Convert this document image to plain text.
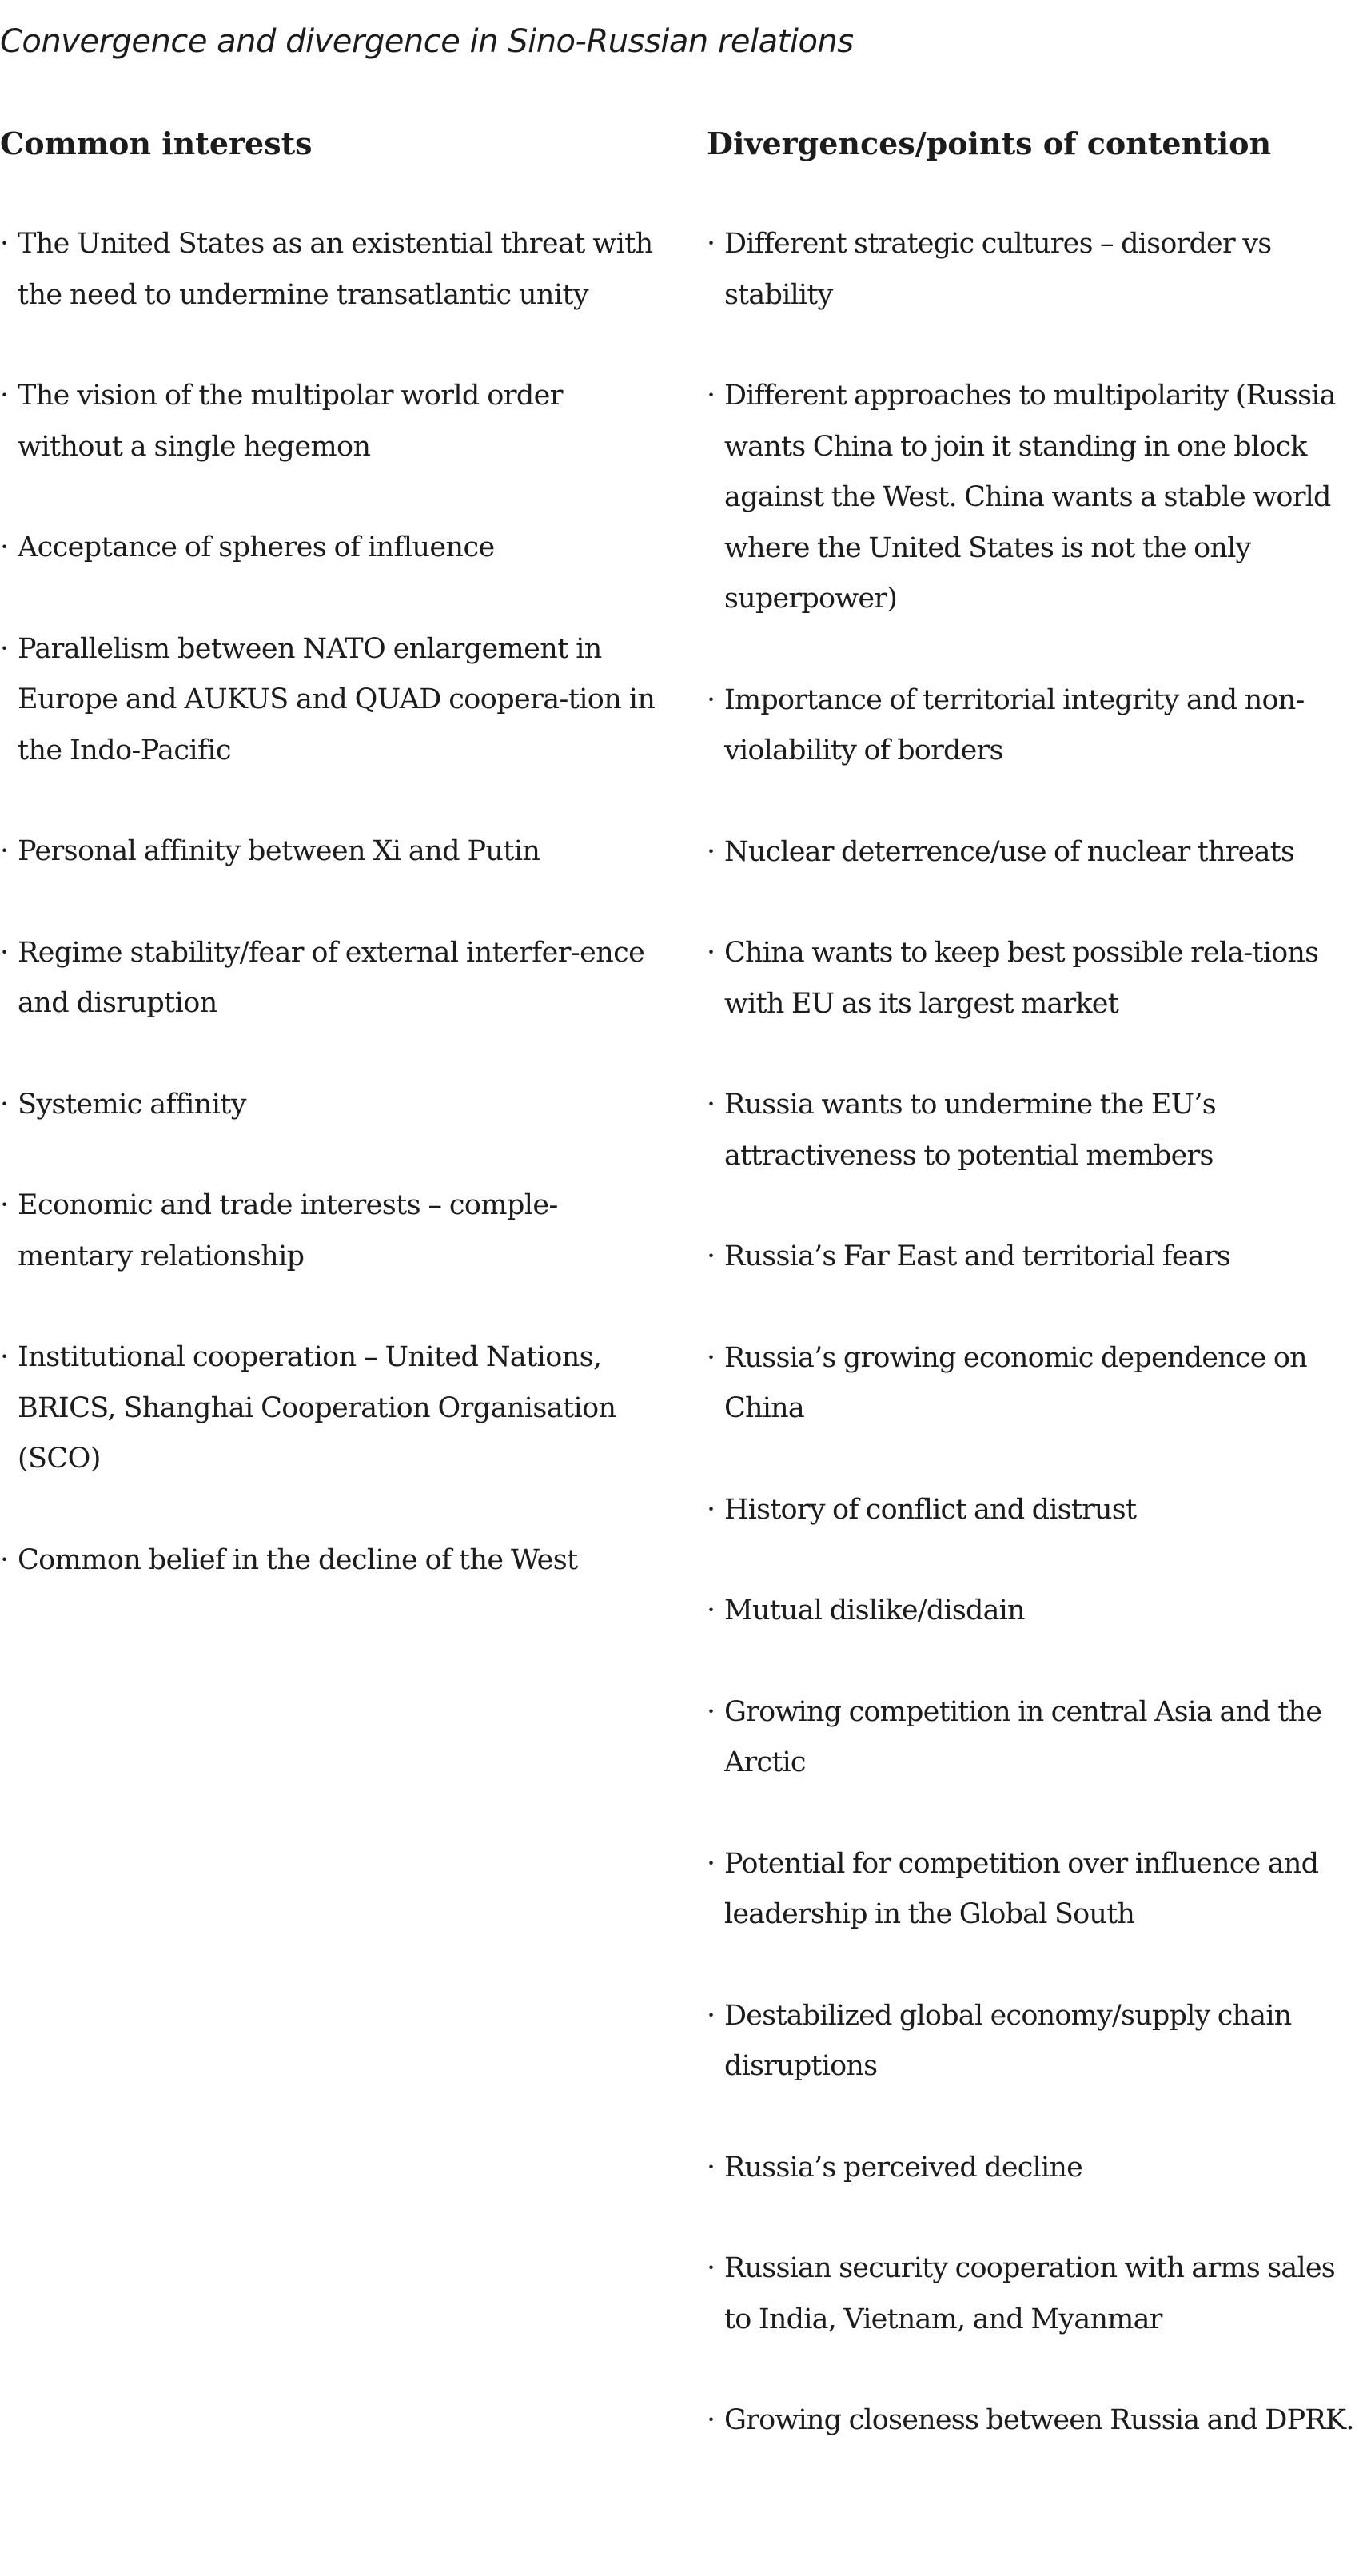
Convergence and divergence in Sino-Russian relations
Common interests
· The United States as an existential threat with the need to undermine transatlantic unity
· The vision of the multipolar world order without a single hegemon
· Acceptance of spheres of influence
· Parallelism between NATO enlargement in Europe and AUKUS and QUAD coopera-tion in the Indo-Pacific
· Personal affinity between Xi and Putin
· Regime stability/fear of external interfer-ence and disruption
· Systemic affinity
· Economic and trade interests – comple-mentary relationship
· Institutional cooperation – United Nations, BRICS, Shanghai Cooperation Organisation (SCO)
· Common belief in the decline of the West
Divergences/points of contention
· Different strategic cultures – disorder vs stability
· Different approaches to multipolarity (Russia wants China to join it standing in one block against the West. China wants a stable world where the United States is not the only superpower)
· Importance of territorial integrity and non-violability of borders
· Nuclear deterrence/use of nuclear threats
· China wants to keep best possible rela-tions with EU as its largest market
· Russia wants to undermine the EU’s attractiveness to potential members
· Russia’s Far East and territorial fears
· Russia’s growing economic dependence on China
· History of conflict and distrust
· Mutual dislike/disdain
· Growing competition in central Asia and the Arctic
· Potential for competition over influence and leadership in the Global South
· Destabilized global economy/supply chain disruptions
· Russia’s perceived decline
· Russian security cooperation with arms sales to India, Vietnam, and Myanmar
· Growing closeness between Russia and DPRK.
